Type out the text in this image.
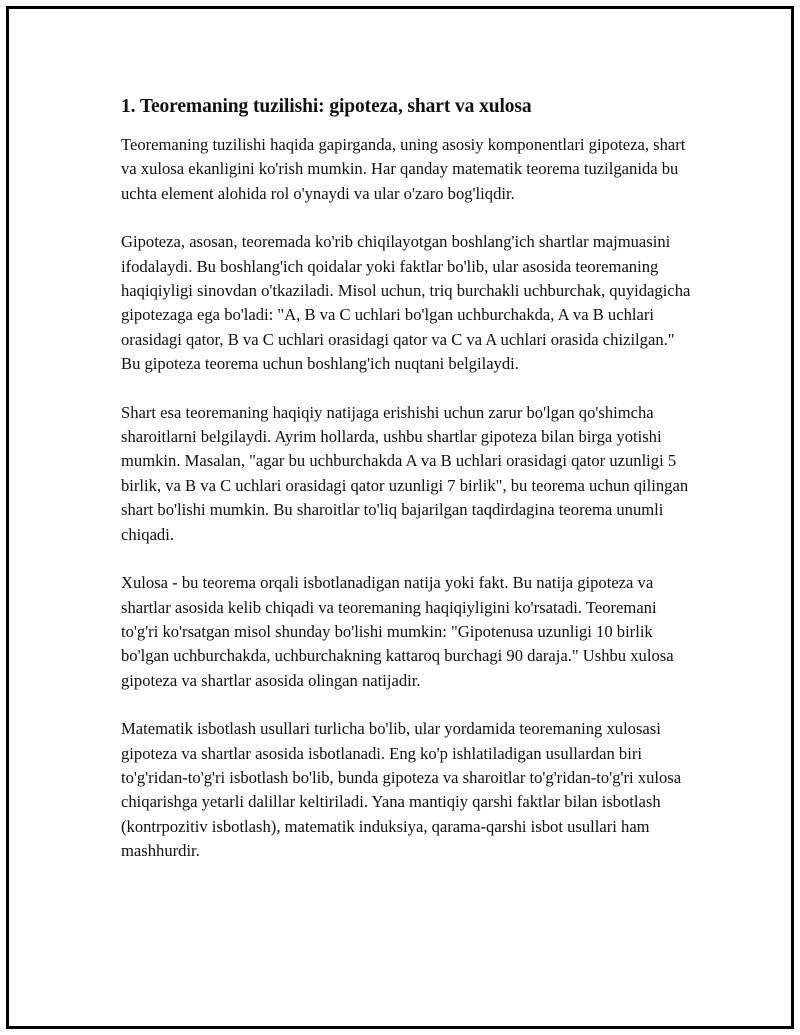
1. Teoremaning tuzilishi: gipoteza, shart va xulosa

Teoremaning tuzilishi haqida gapirganda, uning asosiy komponentlari gipoteza, shart va xulosa ekanligini ko'rish mumkin. Har qanday matematik teorema tuzilganida bu uchta element alohida rol o'ynaydi va ular o'zaro bog'liqdir.

Gipoteza, asosan, teoremada ko'rib chiqilayotgan boshlang'ich shartlar majmuasini ifodalaydi. Bu boshlang'ich qoidalar yoki faktlar bo'lib, ular asosida teoremaning haqiqiyligi sinovdan o'tkaziladi. Misol uchun, triq burchakli uchburchak, quyidagicha gipotezaga ega bo'ladi: "A, B va C uchlari bo'lgan uchburchakda, A va B uchlari orasidagi qator, B va C uchlari orasidagi qator va C va A uchlari orasida chizilgan." Bu gipoteza teorema uchun boshlang'ich nuqtani belgilaydi.

Shart esa teoremaning haqiqiy natijaga erishishi uchun zarur bo'lgan qo'shimcha sharoitlarni belgilaydi. Ayrim hollarda, ushbu shartlar gipoteza bilan birga yotishi mumkin. Masalan, "agar bu uchburchakda A va B uchlari orasidagi qator uzunligi 5 birlik, va B va C uchlari orasidagi qator uzunligi 7 birlik", bu teorema uchun qilingan shart bo'lishi mumkin. Bu sharoitlar to'liq bajarilgan taqdirdagina teorema unumli chiqadi.

Xulosa - bu teorema orqali isbotlanadigan natija yoki fakt. Bu natija gipoteza va shartlar asosida kelib chiqadi va teoremaning haqiqiyligini ko'rsatadi. Teoremani to'g'ri ko'rsatgan misol shunday bo'lishi mumkin: "Gipotenusa uzunligi 10 birlik bo'lgan uchburchakda, uchburchakning kattaroq burchagi 90 daraja." Ushbu xulosa gipoteza va shartlar asosida olingan natijadir.

Matematik isbotlash usullari turlicha bo'lib, ular yordamida teoremaning xulosasi gipoteza va shartlar asosida isbotlanadi. Eng ko'p ishlatiladigan usullardan biri to'g'ridan-to'g'ri isbotlash bo'lib, bunda gipoteza va sharoitlar to'g'ridan-to'g'ri xulosa chiqarishga yetarli dalillar keltiriladi. Yana mantiqiy qarshi faktlar bilan isbotlash (kontrpozitiv isbotlash), matematik induksiya, qarama-qarshi isbot usullari ham mashhurdir.
